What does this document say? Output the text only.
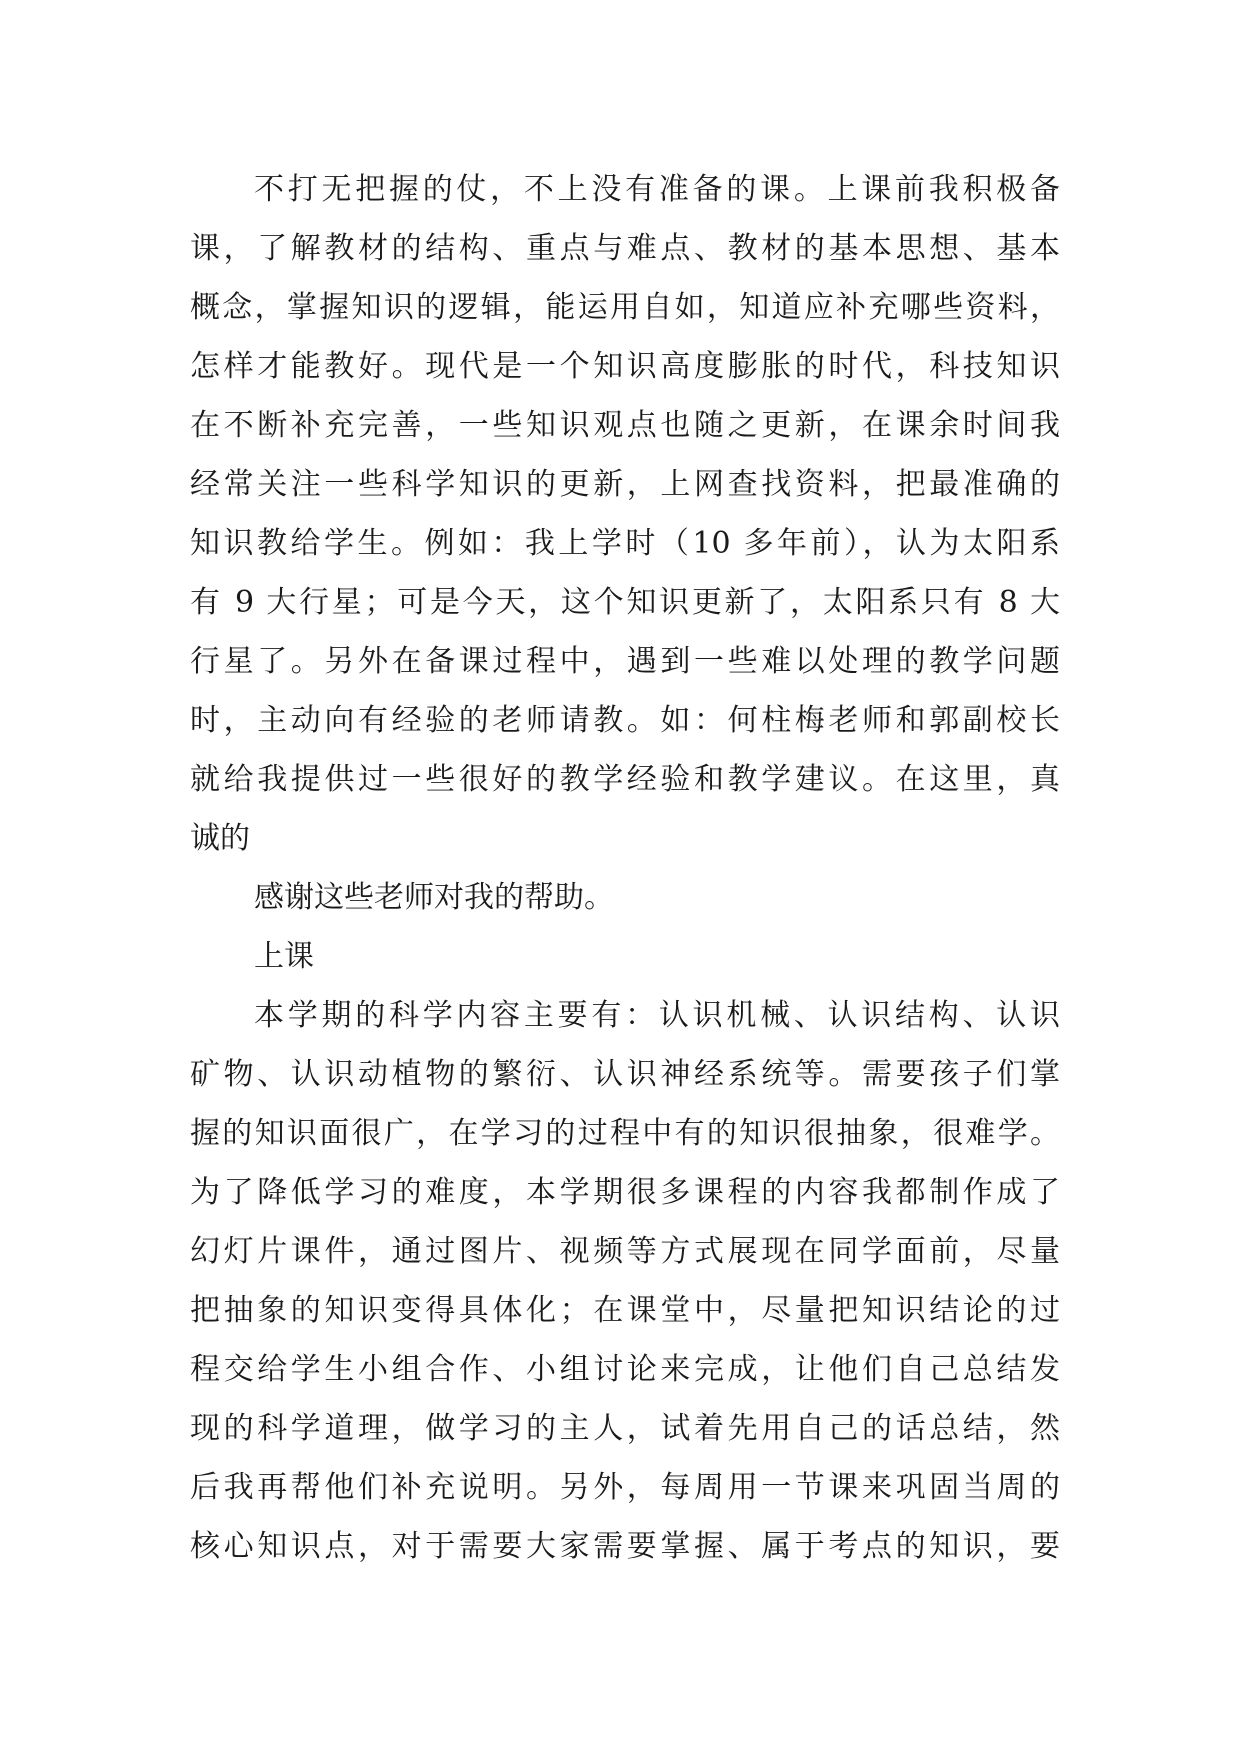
不打无把握的仗，不上没有准备的课。上课前我积极备
课，了解教材的结构、重点与难点、教材的基本思想、基本
概念，掌握知识的逻辑，能运用自如，知道应补充哪些资料，
怎样才能教好。现代是一个知识高度膨胀的时代，科技知识
在不断补充完善，一些知识观点也随之更新，在课余时间我
经常关注一些科学知识的更新，上网查找资料，把最准确的
知识教给学生。例如：我上学时（10 多年前），认为太阳系
有 9 大行星；可是今天，这个知识更新了，太阳系只有 8 大
行星了。另外在备课过程中，遇到一些难以处理的教学问题
时，主动向有经验的老师请教。如：何柱梅老师和郭副校长
就给我提供过一些很好的教学经验和教学建议。在这里，真
诚的
感谢这些老师对我的帮助。
上课
本学期的科学内容主要有：认识机械、认识结构、认识
矿物、认识动植物的繁衍、认识神经系统等。需要孩子们掌
握的知识面很广，在学习的过程中有的知识很抽象，很难学。
为了降低学习的难度，本学期很多课程的内容我都制作成了
幻灯片课件，通过图片、视频等方式展现在同学面前，尽量
把抽象的知识变得具体化；在课堂中，尽量把知识结论的过
程交给学生小组合作、小组讨论来完成，让他们自己总结发
现的科学道理，做学习的主人，试着先用自己的话总结，然
后我再帮他们补充说明。另外，每周用一节课来巩固当周的
核心知识点，对于需要大家需要掌握、属于考点的知识，要
